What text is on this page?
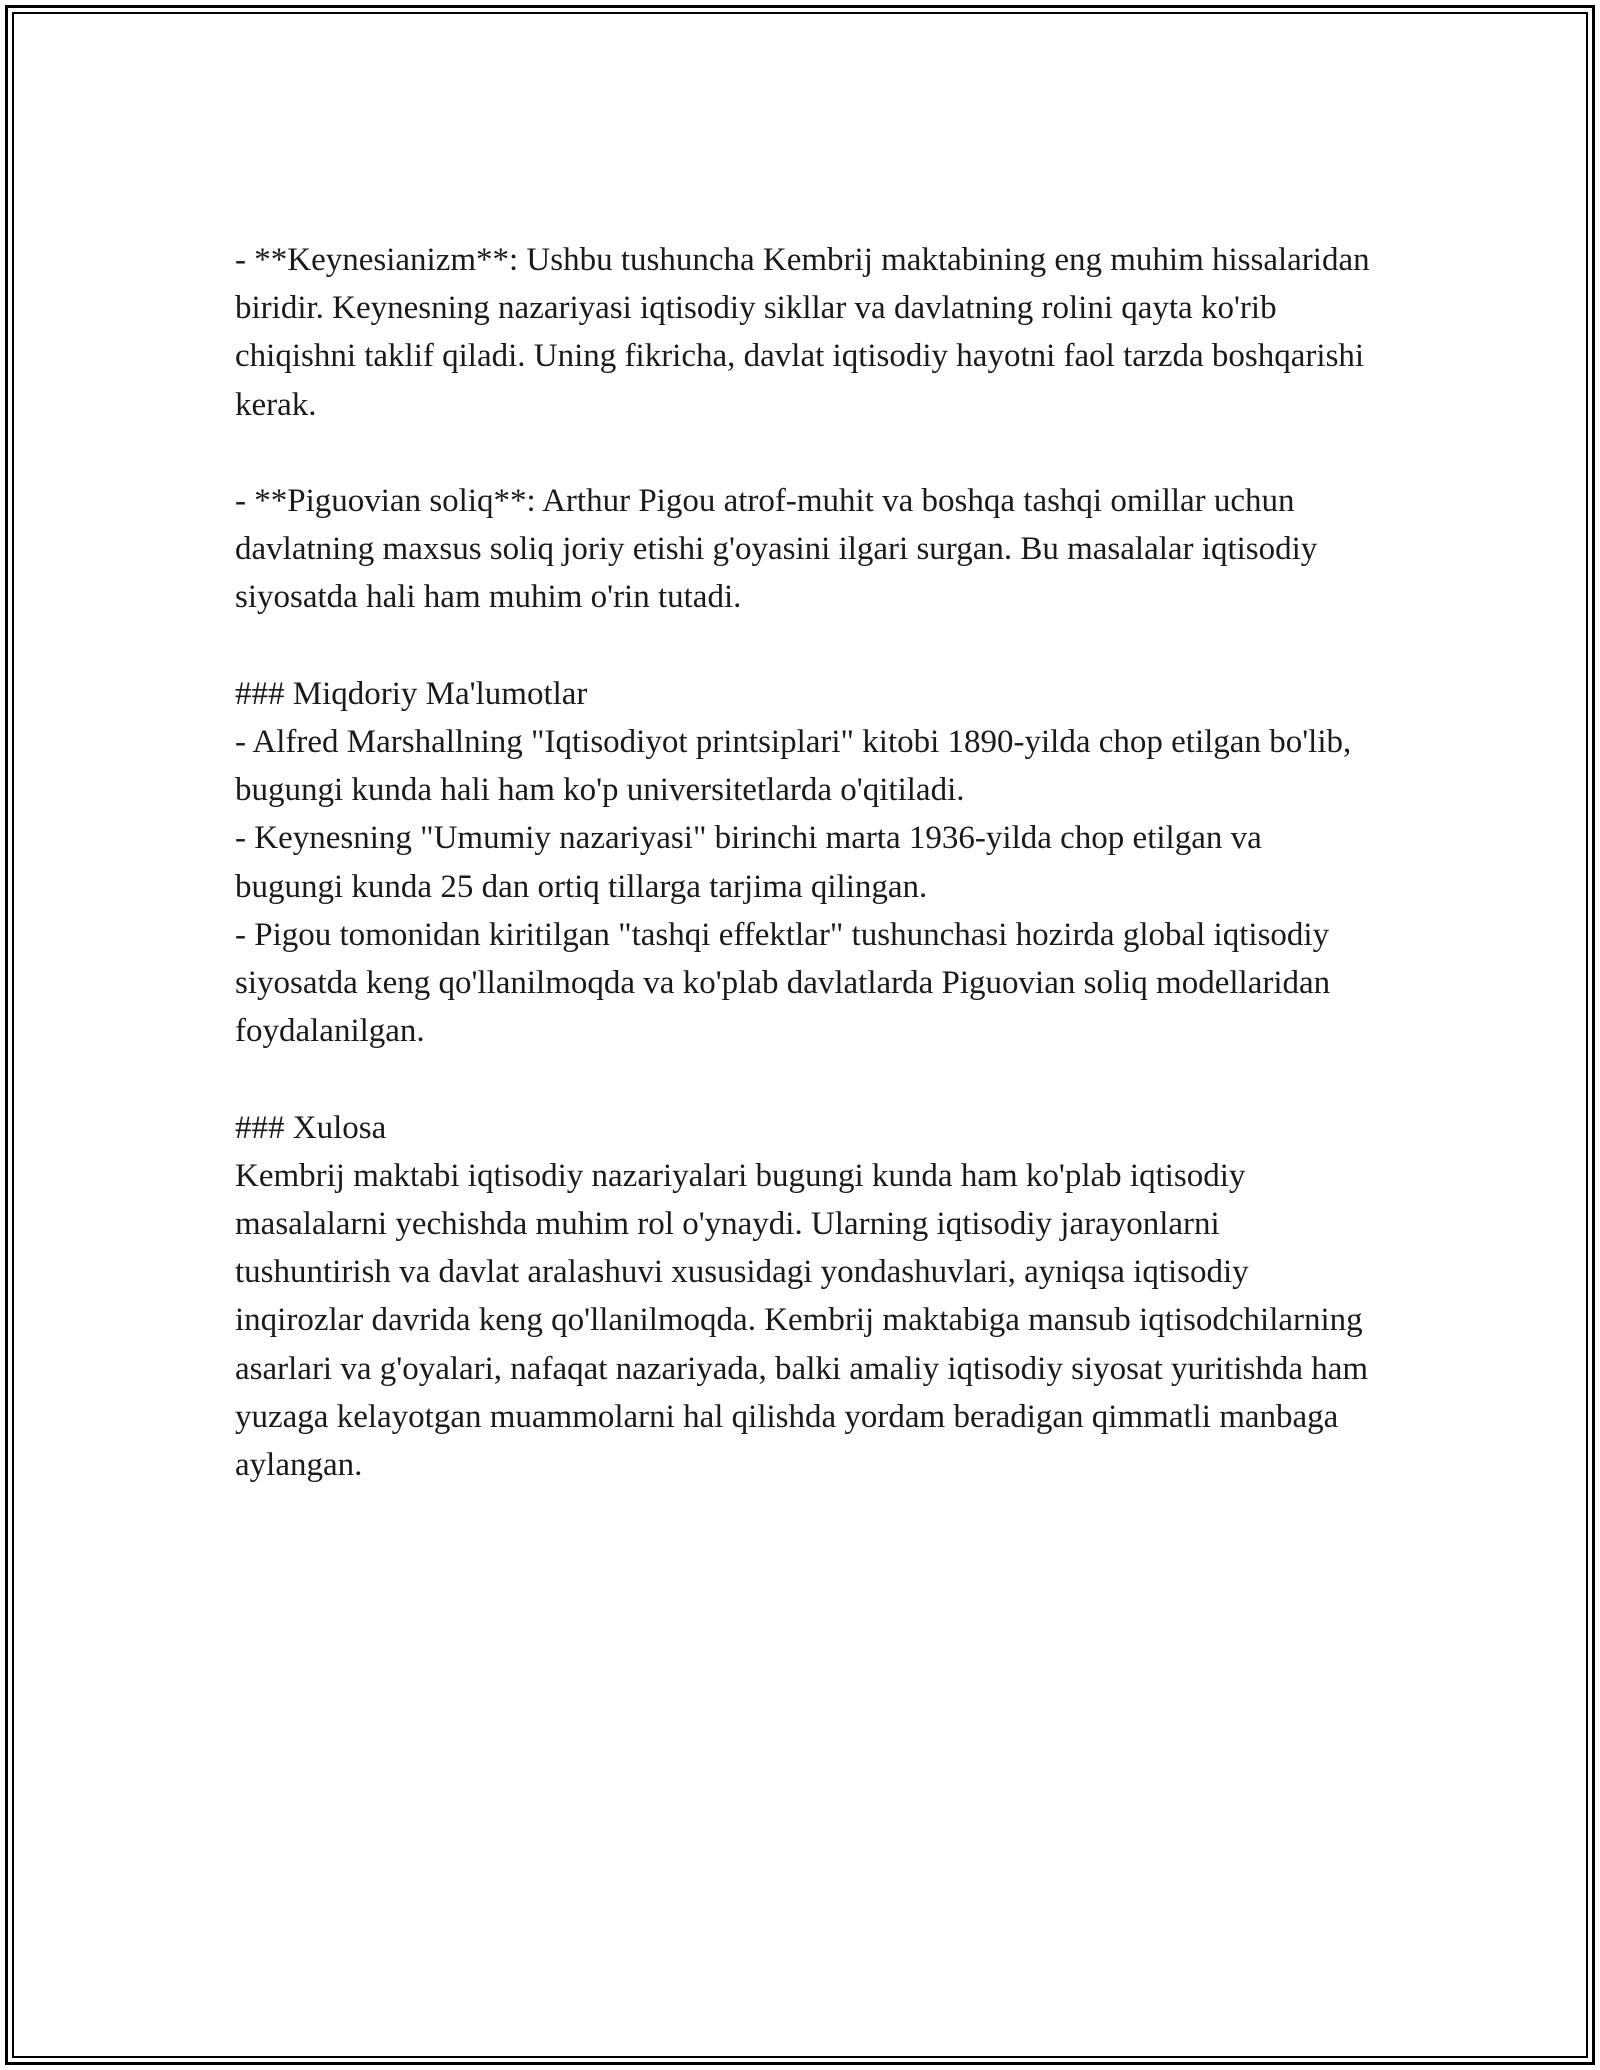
- **Keynesianizm**: Ushbu tushuncha Kembrij maktabining eng muhim hissalaridan biridir. Keynesning nazariyasi iqtisodiy sikllar va davlatning rolini qayta ko'rib chiqishni taklif qiladi. Uning fikricha, davlat iqtisodiy hayotni faol tarzda boshqarishi kerak.

- **Piguovian soliq**: Arthur Pigou atrof-muhit va boshqa tashqi omillar uchun davlatning maxsus soliq joriy etishi g'oyasini ilgari surgan. Bu masalalar iqtisodiy siyosatda hali ham muhim o'rin tutadi.

### Miqdoriy Ma'lumotlar

- Alfred Marshallning "Iqtisodiyot printsiplari" kitobi 1890-yilda chop etilgan bo'lib, bugungi kunda hali ham ko'p universitetlarda o'qitiladi.

- Keynesning "Umumiy nazariyasi" birinchi marta 1936-yilda chop etilgan va bugungi kunda 25 dan ortiq tillarga tarjima qilingan.

- Pigou tomonidan kiritilgan "tashqi effektlar" tushunchasi hozirda global iqtisodiy siyosatda keng qo'llanilmoqda va ko'plab davlatlarda Piguovian soliq modellaridan foydalanilgan.

### Xulosa

Kembrij maktabi iqtisodiy nazariyalari bugungi kunda ham ko'plab iqtisodiy masalalarni yechishda muhim rol o'ynaydi. Ularning iqtisodiy jarayonlarni tushuntirish va davlat aralashuvi xususidagi yondashuvlari, ayniqsa iqtisodiy inqirozlar davrida keng qo'llanilmoqda. Kembrij maktabiga mansub iqtisodchilarning asarlari va g'oyalari, nafaqat nazariyada, balki amaliy iqtisodiy siyosat yuritishda ham yuzaga kelayotgan muammolarni hal qilishda yordam beradigan qimmatli manbaga aylangan.
